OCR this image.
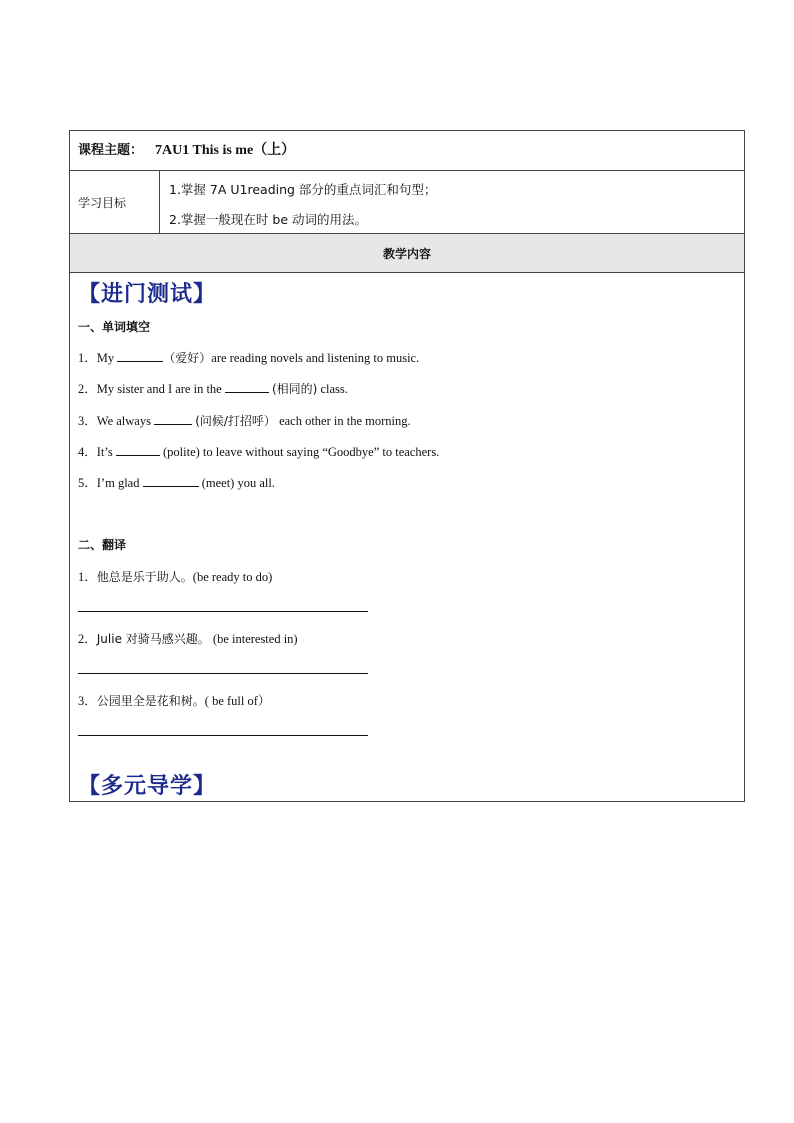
课程主题： 7AU1 This is me（上）
学习目标
1.掌握 7A U1reading 部分的重点词汇和句型；
2.掌握一般现在时 be 动词的用法。
教学内容
【进门测试】
一、单词填空
1．My	（爱好）are reading novels and listening to music.
2．My sister and I are in the	(相同的) class.
3．We always	(问候/打招呼） each other in the morning.
4．It’s	(polite) to leave without saying “Goodbye” to teachers.
5．I’m glad	(meet) you all.
二、翻译
1．他总是乐于助人。(be ready to do)
2．Julie 对骑马感兴趣。 (be interested in)
3．公园里全是花和树。( be full of）
【多元导学】
